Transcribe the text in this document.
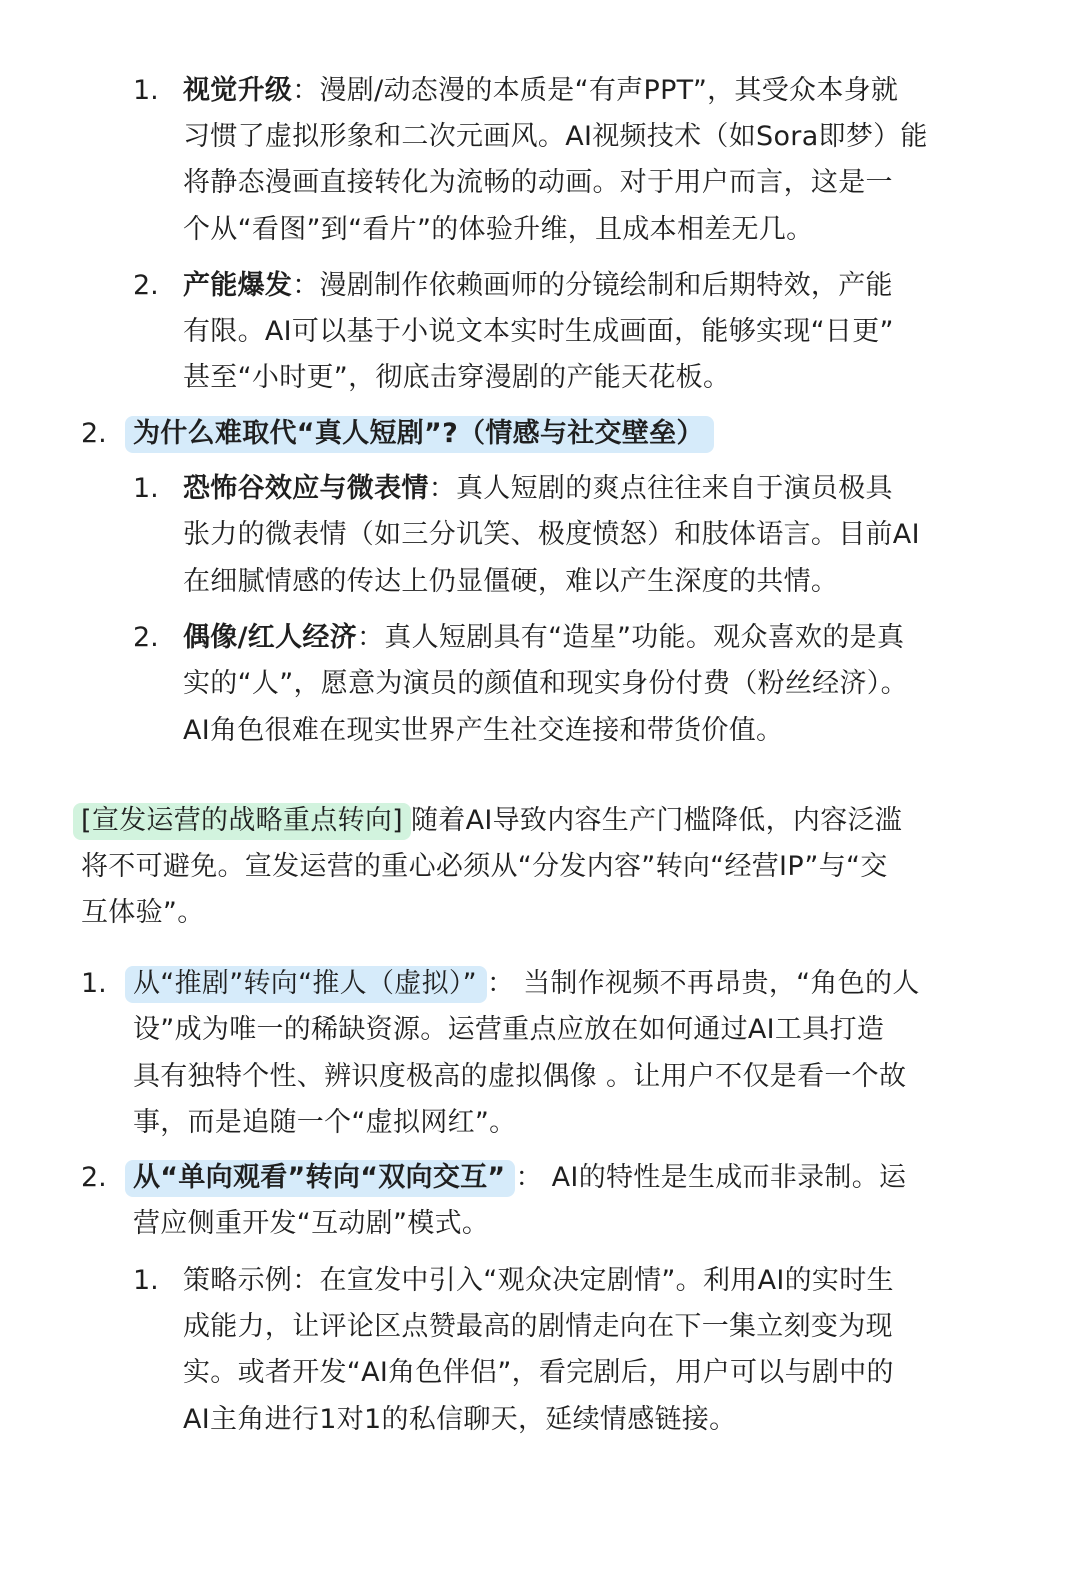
1. 视觉升级：漫剧/动态漫的本质是“有声PPT”，其受众本身就
习惯了虚拟形象和二次元画风。AI视频技术（如Sora即梦）能
将静态漫画直接转化为流畅的动画。对于用户而言，这是一
个从“看图”到“看片”的体验升维，且成本相差无几。
2. 产能爆发：漫剧制作依赖画师的分镜绘制和后期特效，产能
有限。AI可以基于小说文本实时生成画面，能够实现“日更”
甚至“小时更”，彻底击穿漫剧的产能天花板。
2. 为什么难取代“真人短剧”?（情感与社交壁垒）
1. 恐怖谷效应与微表情：真人短剧的爽点往往来自于演员极具
张力的微表情（如三分讥笑、极度愤怒）和肢体语言。目前AI
在细腻情感的传达上仍显僵硬，难以产生深度的共情。
2. 偶像/红人经济：真人短剧具有“造星”功能。观众喜欢的是真
实的“人”，愿意为演员的颜值和现实身份付费（粉丝经济）。
AI角色很难在现实世界产生社交连接和带货价值。
[宣发运营的战略重点转向] 随着AI导致内容生产门槛降低，内容泛滥
将不可避免。宣发运营的重心必须从“分发内容”转向“经营IP”与“交
互体验”。
1. 从“推剧”转向“推人（虚拟）” ： 当制作视频不再昂贵，“角色的人
设”成为唯一的稀缺资源。运营重点应放在如何通过AI工具打造
具有独特个性、辨识度极高的虚拟偶像 。让用户不仅是看一个故
事，而是追随一个“虚拟网红”。
2. 从“单向观看”转向“双向交互” ： AI的特性是生成而非录制。运
营应侧重开发“互动剧”模式。
1. 策略示例：在宣发中引入“观众决定剧情”。利用AI的实时生
成能力，让评论区点赞最高的剧情走向在下一集立刻变为现
实。或者开发“AI角色伴侣”，看完剧后，用户可以与剧中的
AI主角进行1对1的私信聊天，延续情感链接。
